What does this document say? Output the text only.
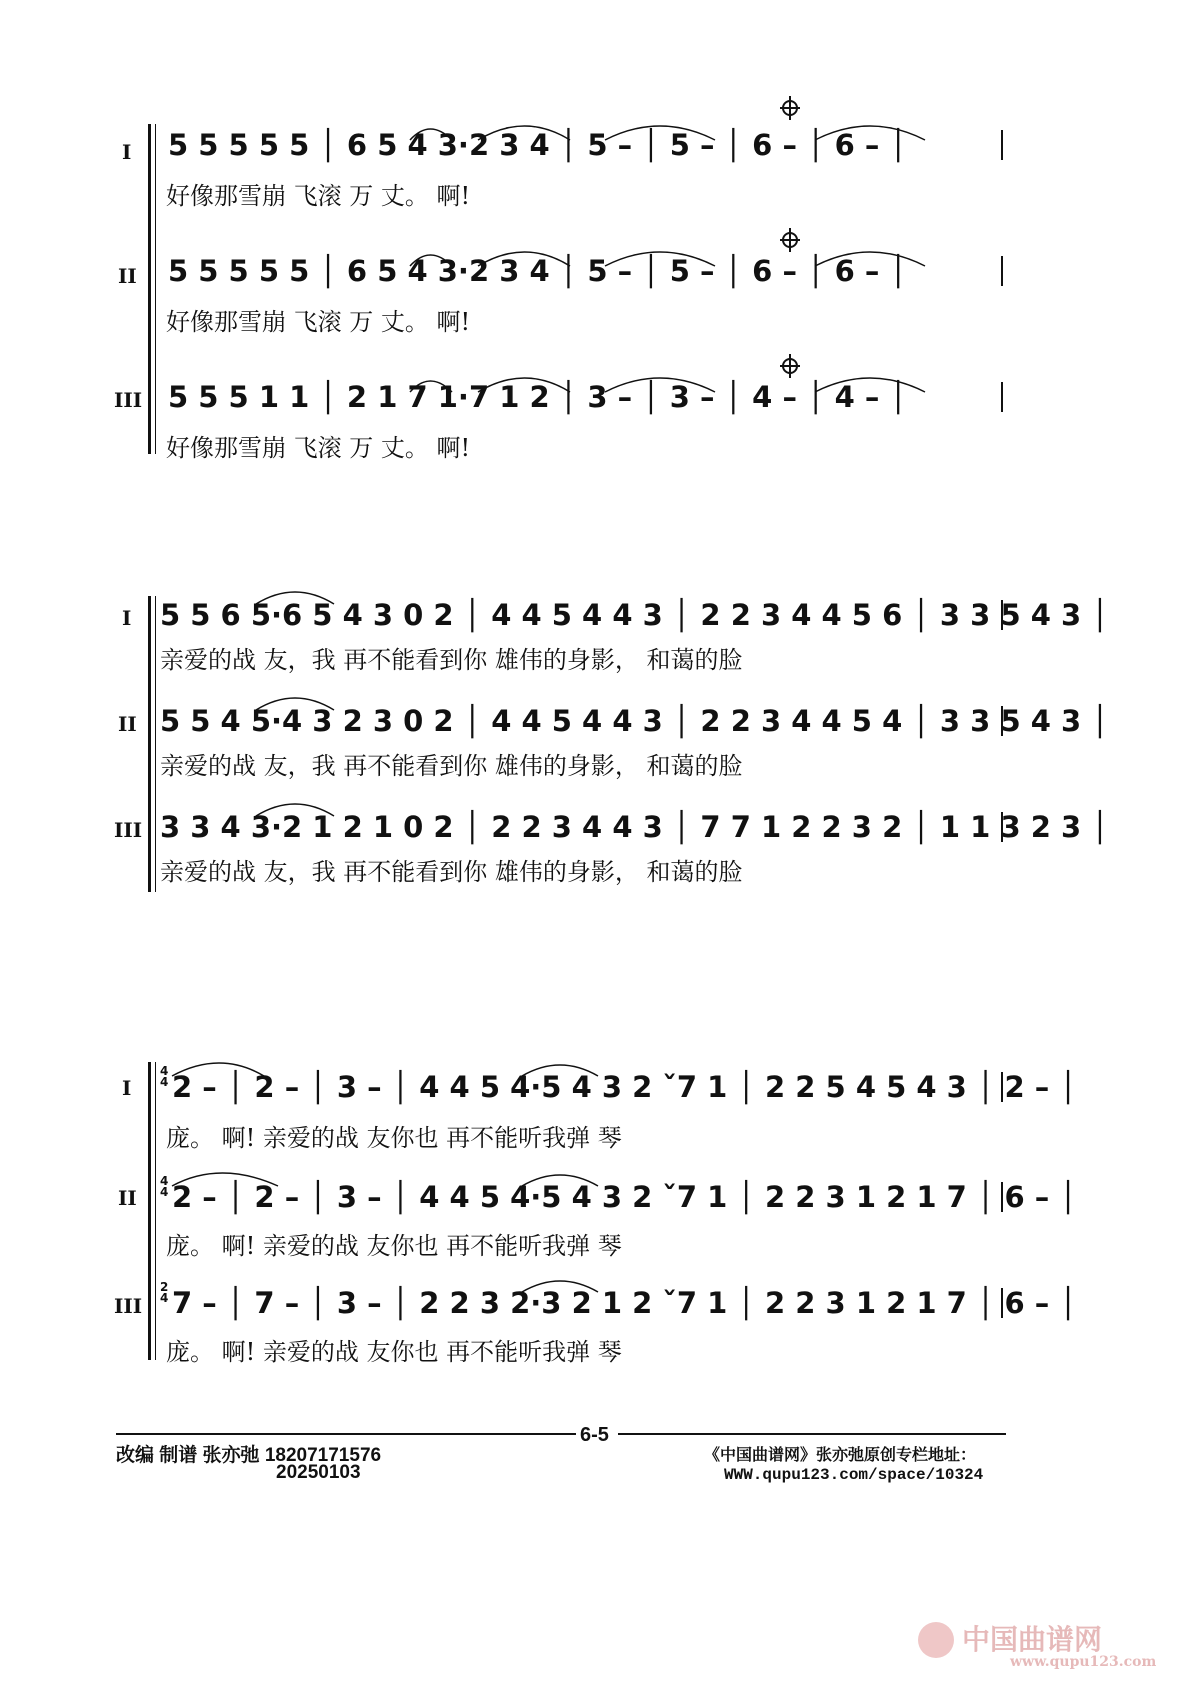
I 5 5 5 5 5 │ 6 5 4 3·2 3 4 │ 5 – │ 5 – │ 6 – │ 6 – │
好像那雪崩 飞滚 万 丈。 啊!
II 5 5 5 5 5 │ 6 5 4 3·2 3 4 │ 5 – │ 5 – │ 6 – │ 6 – │
好像那雪崩 飞滚 万 丈。 啊!
III 5 5 5 1 1 │ 2 1 7 1·7 1 2 │ 3 – │ 3 – │ 4 – │ 4 – │
好像那雪崩 飞滚 万 丈。 啊!
I 5 5 6 5·6 5 4 3 0 2 │ 4 4 5 4 4 3 │ 2 2 3 4 4 5 6 │ 3 3 5 4 3 │
亲爱的战 友，我 再不能看到你 雄伟的身影， 和蔼的脸
II 5 5 4 5·4 3 2 3 0 2 │ 4 4 5 4 4 3 │ 2 2 3 4 4 5 4 │ 3 3 5 4 3 │
亲爱的战 友，我 再不能看到你 雄伟的身影， 和蔼的脸
III 3 3 4 3·2 1 2 1 0 2 │ 2 2 3 4 4 3 │ 7 7 1 2 2 3 2 │ 1 1 3 2 3 │
亲爱的战 友，我 再不能看到你 雄伟的身影， 和蔼的脸
I
4
4 2 – │ 2 – │ 3 – │ 4 4 5 4·5 4 3 2 ˇ7 1 │ 2 2 5 4 5 4 3 │ 2 – │
庞。 啊! 亲爱的战 友你也 再不能听我弹 琴
II
4
4 2 – │ 2 – │ 3 – │ 4 4 5 4·5 4 3 2 ˇ7 1 │ 2 2 3 1 2 1 7 │ 6 – │
庞。 啊! 亲爱的战 友你也 再不能听我弹 琴
III
2
4 7 – │ 7 – │ 3 – │ 2 2 3 2·3 2 1 2 ˇ7 1 │ 2 2 3 1 2 1 7 │ 6 – │
庞。 啊! 亲爱的战 友你也 再不能听我弹 琴
6-5
改编 制谱 张亦弛 18207171576
20250103
《中国曲谱网》张亦弛原创专栏地址：
WWW.qupu123.com/space/10324
中国曲谱网
www.qupu123.com
